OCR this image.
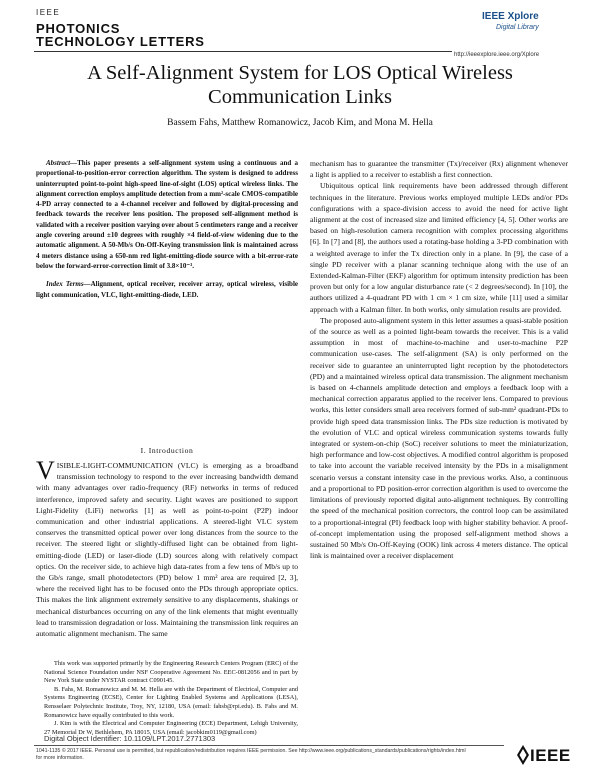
IEEE
PHOTONICS
TECHNOLOGY LETTERS
IEEE Xplore
Digital Library
http://ieeexplore.ieee.org/Xplore
A Self-Alignment System for LOS Optical Wireless Communication Links
Bassem Fahs, Matthew Romanowicz, Jacob Kim, and Mona M. Hella
Abstract—This paper presents a self-alignment system using a continuous and a proportional-to-position-error correction algorithm. The system is designed to address uninterrupted point-to-point high-speed line-of-sight (LOS) optical wireless links. The alignment correction employs amplitude detection from a mm²-scale CMOS-compatible 4-PD array connected to a 4-channel receiver and followed by digital-processing and feedback towards the receiver lens position. The proposed self-alignment method is validated with a receiver position varying over about 5 centimeters range and a receiver angle covering around ±10 degrees with roughly ×4 field-of-view widening due to the automatic alignment. A 50-Mb/s On-Off-Keying transmission link is maintained across 4 meters distance using a 650-nm red light-emitting-diode source with a bit-error-rate below the forward-error-correction limit of 3.8×10⁻³.
Index Terms—Alignment, optical receiver, receiver array, optical wireless, visible light communication, VLC, light-emitting-diode, LED.
I. Introduction
VISIBLE-LIGHT-COMMUNICATION (VLC) is emerging as a broadband transmission technology to respond to the ever increasing bandwidth demand with many advantages over radio-frequency (RF) networks in terms of reduced interference, improved safety and security. Light waves are positioned to support Light-Fidelity (LiFi) networks [1] as well as point-to-point (P2P) indoor communication and other industrial applications. A steered-light VLC system conserves the transmitted optical power over long distances from the source to the receiver. The steered light or slightly-diffused light can be obtained from light-emitting-diode (LED) or laser-diode (LD) sources along with relatively compact optics. On the receiver side, to achieve high data-rates from a few tens of Mb/s up to the Gb/s range, small photodetectors (PD) below 1 mm² area are required [2, 3], where the received light has to be focused onto the PDs through appropriate optics. This makes the link alignment extremely sensitive to any displacements, shakings or mechanical disturbances occurring on any of the link elements that might eventually lead to transmission degradation or loss. Maintaining the transmission link requires an automatic alignment mechanism. The same

This work was supported primarily by the Engineering Research Centers Program (ERC) of the National Science Foundation under NSF Cooperative Agreement No. EEC-0812056 and in part by New York State under NYSTAR contract C090145.

B. Fahs, M. Romanowicz and M. M. Hella are with the Department of Electrical, Computer and Systems Engineering (ECSE), Center for Lighting Enabled Systems and Applications (LESA), Rensselaer Polytechnic Institute, Troy, NY, 12180, USA (email: fahsb@rpi.edu). B. Fahs and M. Romanowicz have equally contributed to this work.

J. Kim is with the Electrical and Computer Engineering (ECE) Department, Lehigh University, 27 Memorial Dr W, Bethlehem, PA 18015, USA (email: jacobkim0119@gmail.com)

Digital Object Identifier: 10.1109/LPT.2017.2771303
1041-1135 © 2017 IEEE. Personal use is permitted, but republication/redistribution requires IEEE permission. See http://www.ieee.org/publications_standards/publications/rights/index.html for more information.

mechanism has to guarantee the transmitter (Tx)/receiver (Rx) alignment whenever a light is applied to a receiver to establish a first connection.

Ubiquitous optical link requirements have been addressed through different techniques in the literature. Previous works employed multiple LEDs and/or PDs configurations with a space-division access to avoid the need for active light alignment at the cost of increased size and limited efficiency [4, 5]. Other works are based on high-resolution camera recognition with complex processing algorithms [6]. In [7] and [8], the authors used a rotating-base holding a 3-PD combination with a weighted average to infer the Tx direction only in a plane. In [9], the case of a single PD receiver with a planar scanning technique along with the use of an Extended-Kalman-Filter (EKF) algorithm for optimum intensity prediction has been proven but only for a low angular disturbance rate (< 2 degrees/second). In [10], the authors utilized a 4-quadrant PD with 1 cm × 1 cm size, while [11] used a similar approach with a Kalman filter. In both works, only simulation results are provided.

The proposed auto-alignment system in this letter assumes a quasi-stable position of the source as well as a pointed light-beam towards the receiver. This is a valid assumption in most of machine-to-machine and user-to-machine P2P communication use-cases. The self-alignment (SA) is only performed on the receiver side to guarantee an uninterrupted light reception by the photodetectors (PD) and a maintained wireless optical data transmission. The alignment mechanism is based on 4-channels amplitude detection and employs a feedback loop with a mechanical correction apparatus applied to the receiver lens. Compared to previous works, this letter considers small area receivers formed of sub-mm² quadrant-PDs to provide high speed data transmission links. The PDs size reduction is motivated by the evolution of VLC and optical wireless communication systems towards fully integrated or system-on-chip (SoC) receiver solutions to meet the miniaturization, high performance and low-cost objectives. A modified control algorithm is proposed to take into account the variable received intensity by the PDs in a misalignment scenario versus a constant intensity case in the previous works. Also, a continuous and a proportional to PD position-error correction algorithm is used to overcome the limitations of previously reported digital auto-alignment techniques. By controlling the speed of the mechanical position correctors, the control loop can be assimilated to a proportional-integral (PI) feedback loop with higher stability behavior. A proof-of-concept implementation using the proposed self-alignment method shows a sustained 50 Mb/s On-Off-Keying (OOK) link across 4 meters distance. The optical link is maintained over a receiver displacement

IEEE
